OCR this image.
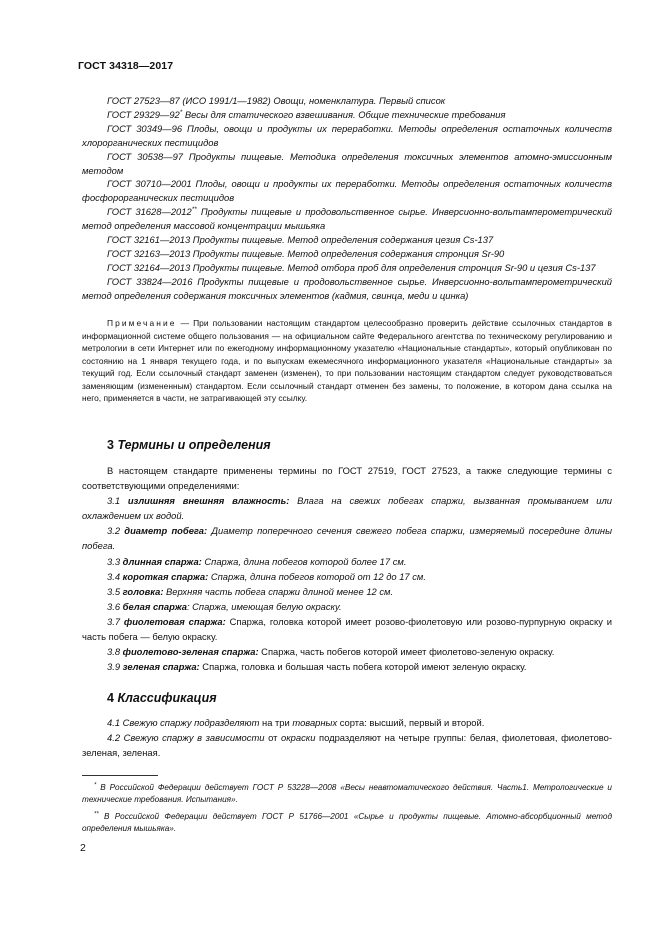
ГОСТ 34318—2017

ГОСТ 27523—87 (ИСО 1991/1—1982) Овощи, номенклатура. Первый список

ГОСТ 29329—92* Весы для статического взвешивания. Общие технические требования

ГОСТ 30349—96 Плоды, овощи и продукты их переработки. Методы определения остаточных количеств хлорорганических пестицидов

ГОСТ 30538—97 Продукты пищевые. Методика определения токсичных элементов атомно-эмиссионным методом

ГОСТ 30710—2001 Плоды, овощи и продукты их переработки. Методы определения остаточных количеств фосфорорганических пестицидов

ГОСТ 31628—2012** Продукты пищевые и продовольственное сырье. Инверсионно-вольтамперометрический метод определения массовой концентрации мышьяка

ГОСТ 32161—2013 Продукты пищевые. Метод определения содержания цезия Cs-137

ГОСТ 32163—2013 Продукты пищевые. Метод определения содержания стронция Sr-90

ГОСТ 32164—2013 Продукты пищевые. Метод отбора проб для определения стронция Sr-90 и цезия Cs-137

ГОСТ 33824—2016 Продукты пищевые и продовольственное сырье. Инверсионно-вольтамперометрический метод определения содержания токсичных элементов (кадмия, свинца, меди и цинка)

Примечание — При пользовании настоящим стандартом целесообразно проверить действие ссылочных стандартов в информационной системе общего пользования — на официальном сайте Федерального агентства по техническому регулированию и метрологии в сети Интернет или по ежегодному информационному указателю «Национальные стандарты», который опубликован по состоянию на 1 января текущего года, и по выпускам ежемесячного информационного указателя «Национальные стандарты» за текущий год. Если ссылочный стандарт заменен (изменен), то при пользовании настоящим стандартом следует руководствоваться заменяющим (измененным) стандартом. Если ссылочный стандарт отменен без замены, то положение, в котором дана ссылка на него, применяется в части, не затрагивающей эту ссылку.

3 Термины и определения

В настоящем стандарте применены термины по ГОСТ 27519, ГОСТ 27523, а также следующие термины с соответствующими определениями:

3.1 излишняя внешняя влажность: Влага на свежих побегах спаржи, вызванная промыванием или охлаждением их водой.

3.2 диаметр побега: Диаметр поперечного сечения свежего побега спаржи, измеряемый посередине длины побега.

3.3 длинная спаржа: Спаржа, длина побегов которой более 17 см.

3.4 короткая спаржа: Спаржа, длина побегов которой от 12 до 17 см.

3.5 головка: Верхняя часть побега спаржи длиной менее 12 см.

3.6 белая спаржа: Спаржа, имеющая белую окраску.

3.7 фиолетовая спаржа: Спаржа, головка которой имеет розово-фиолетовую или розово-пурпурную окраску и часть побега — белую окраску.

3.8 фиолетово-зеленая спаржа: Спаржа, часть побегов которой имеет фиолетово-зеленую окраску.

3.9 зеленая спаржа: Спаржа, головка и большая часть побега которой имеют зеленую окраску.

4 Классификация

4.1 Свежую спаржу подразделяют на три товарных сорта: высший, первый и второй.

4.2 Свежую спаржу в зависимости от окраски подразделяют на четыре группы: белая, фиолетовая, фиолетово-зеленая, зеленая.

* В Российской Федерации действует ГОСТ Р 53228—2008 «Весы неавтоматического действия. Часть1. Метрологические и технические требования. Испытания».

** В Российской Федерации действует ГОСТ Р 51766—2001 «Сырье и продукты пищевые. Атомно-абсорбционный метод определения мышьяка».

2
